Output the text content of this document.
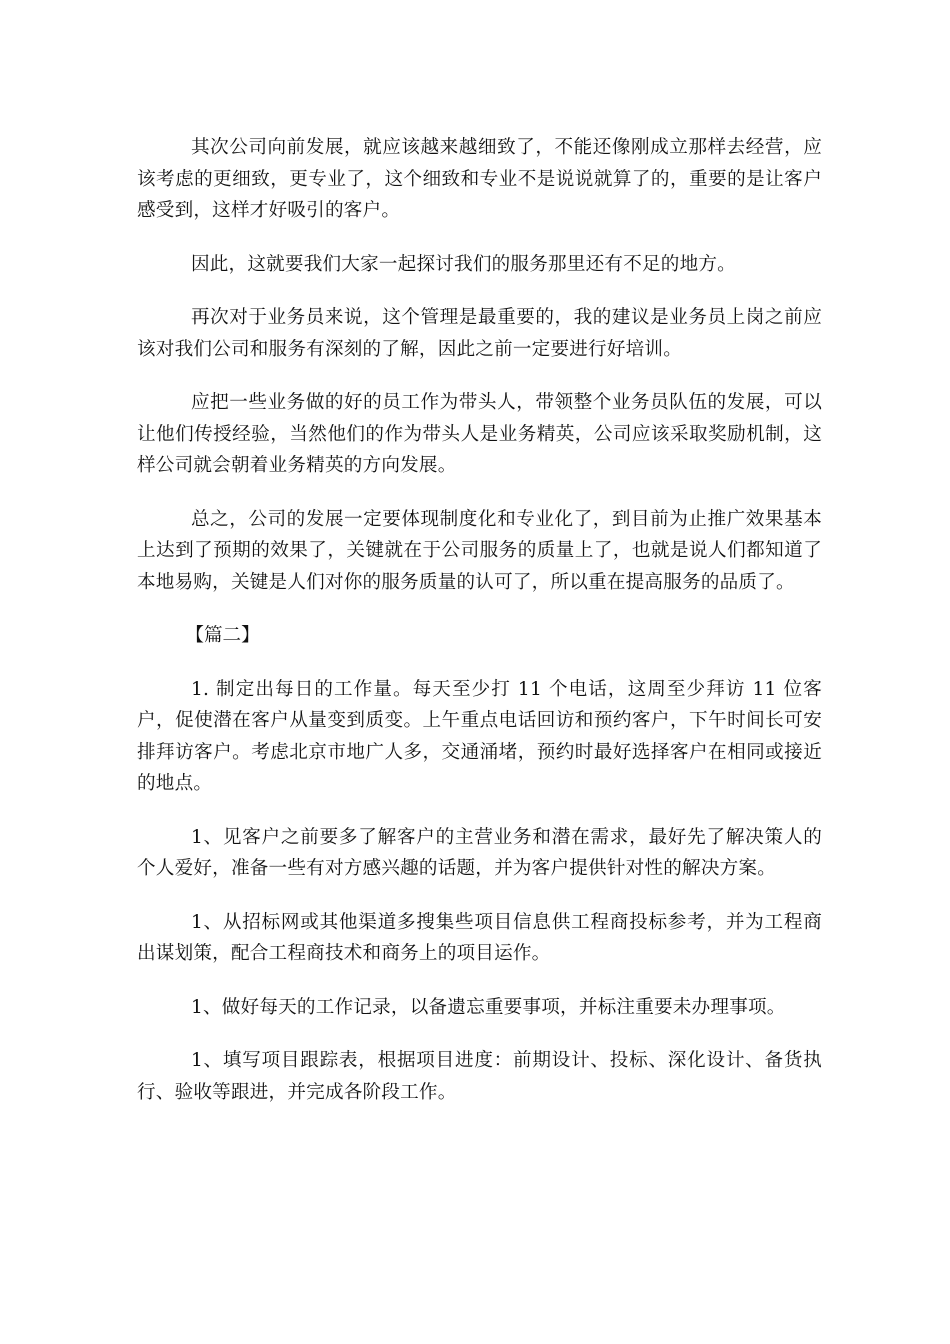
其次公司向前发展，就应该越来越细致了，不能还像刚成立那样去经营，应该考虑的更细致，更专业了，这个细致和专业不是说说就算了的，重要的是让客户感受到，这样才好吸引的客户。

因此，这就要我们大家一起探讨我们的服务那里还有不足的地方。

再次对于业务员来说，这个管理是最重要的，我的建议是业务员上岗之前应该对我们公司和服务有深刻的了解，因此之前一定要进行好培训。

应把一些业务做的好的员工作为带头人，带领整个业务员队伍的发展，可以让他们传授经验，当然他们的作为带头人是业务精英，公司应该采取奖励机制，这样公司就会朝着业务精英的方向发展。

总之，公司的发展一定要体现制度化和专业化了，到目前为止推广效果基本上达到了预期的效果了，关键就在于公司服务的质量上了，也就是说人们都知道了本地易购，关键是人们对你的服务质量的认可了，所以重在提高服务的品质了。

【篇二】

1. 制定出每日的工作量。每天至少打 11 个电话，这周至少拜访 11 位客户，促使潜在客户从量变到质变。上午重点电话回访和预约客户，下午时间长可安排拜访客户。考虑北京市地广人多，交通涌堵，预约时最好选择客户在相同或接近的地点。

1、见客户之前要多了解客户的主营业务和潜在需求，最好先了解决策人的个人爱好，准备一些有对方感兴趣的话题，并为客户提供针对性的解决方案。

1、从招标网或其他渠道多搜集些项目信息供工程商投标参考，并为工程商出谋划策，配合工程商技术和商务上的项目运作。

1、做好每天的工作记录，以备遗忘重要事项，并标注重要未办理事项。

1、填写项目跟踪表，根据项目进度：前期设计、投标、深化设计、备货执行、验收等跟进，并完成各阶段工作。
